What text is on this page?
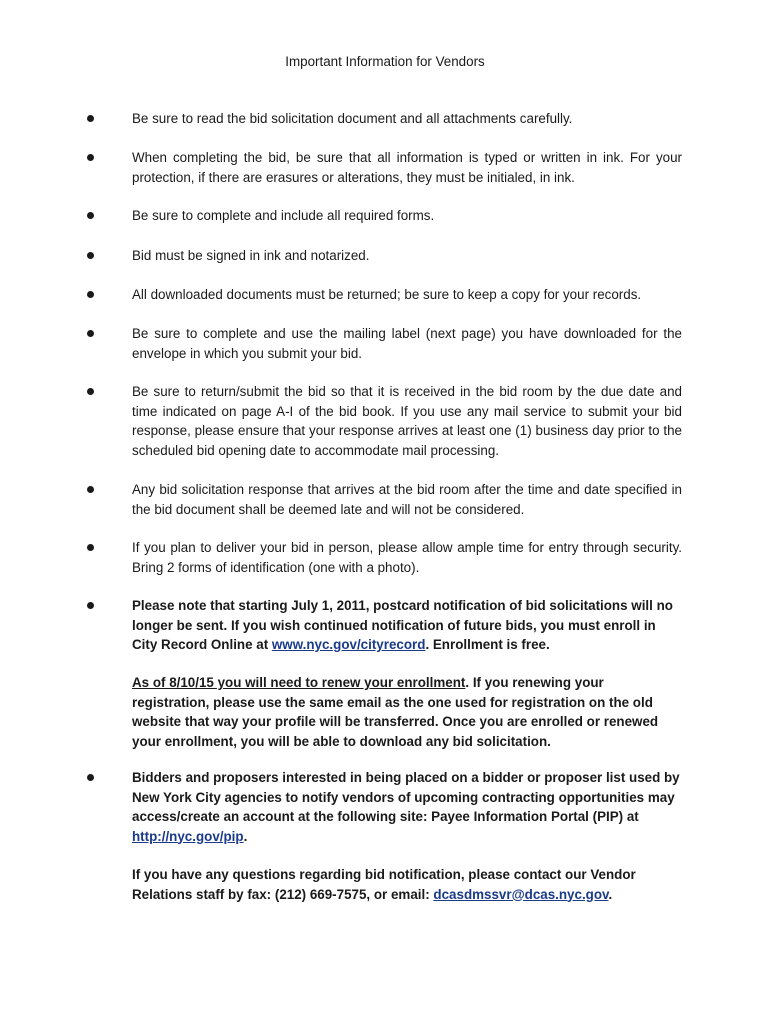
Important Information for Vendors
Be sure to read the bid solicitation document and all attachments carefully.
When completing the bid, be sure that all information is typed or written in ink. For your protection, if there are erasures or alterations, they must be initialed, in ink.
Be sure to complete and include all required forms.
Bid must be signed in ink and notarized.
All downloaded documents must be returned; be sure to keep a copy for your records.
Be sure to complete and use the mailing label (next page) you have downloaded for the envelope in which you submit your bid.
Be sure to return/submit the bid so that it is received in the bid room by the due date and time indicated on page A-I of the bid book. If you use any mail service to submit your bid response, please ensure that your response arrives at least one (1) business day prior to the scheduled bid opening date to accommodate mail processing.
Any bid solicitation response that arrives at the bid room after the time and date specified in the bid document shall be deemed late and will not be considered.
If you plan to deliver your bid in person, please allow ample time for entry through security. Bring 2 forms of identification (one with a photo).
Please note that starting July 1, 2011, postcard notification of bid solicitations will no longer be sent. If you wish continued notification of future bids, you must enroll in City Record Online at www.nyc.gov/cityrecord. Enrollment is free.
As of 8/10/15 you will need to renew your enrollment. If you renewing your registration, please use the same email as the one used for registration on the old website that way your profile will be transferred. Once you are enrolled or renewed your enrollment, you will be able to download any bid solicitation.
Bidders and proposers interested in being placed on a bidder or proposer list used by New York City agencies to notify vendors of upcoming contracting opportunities may access/create an account at the following site: Payee Information Portal (PIP) at http://nyc.gov/pip.
If you have any questions regarding bid notification, please contact our Vendor Relations staff by fax: (212) 669-7575, or email: dcasdmssvr@dcas.nyc.gov.
